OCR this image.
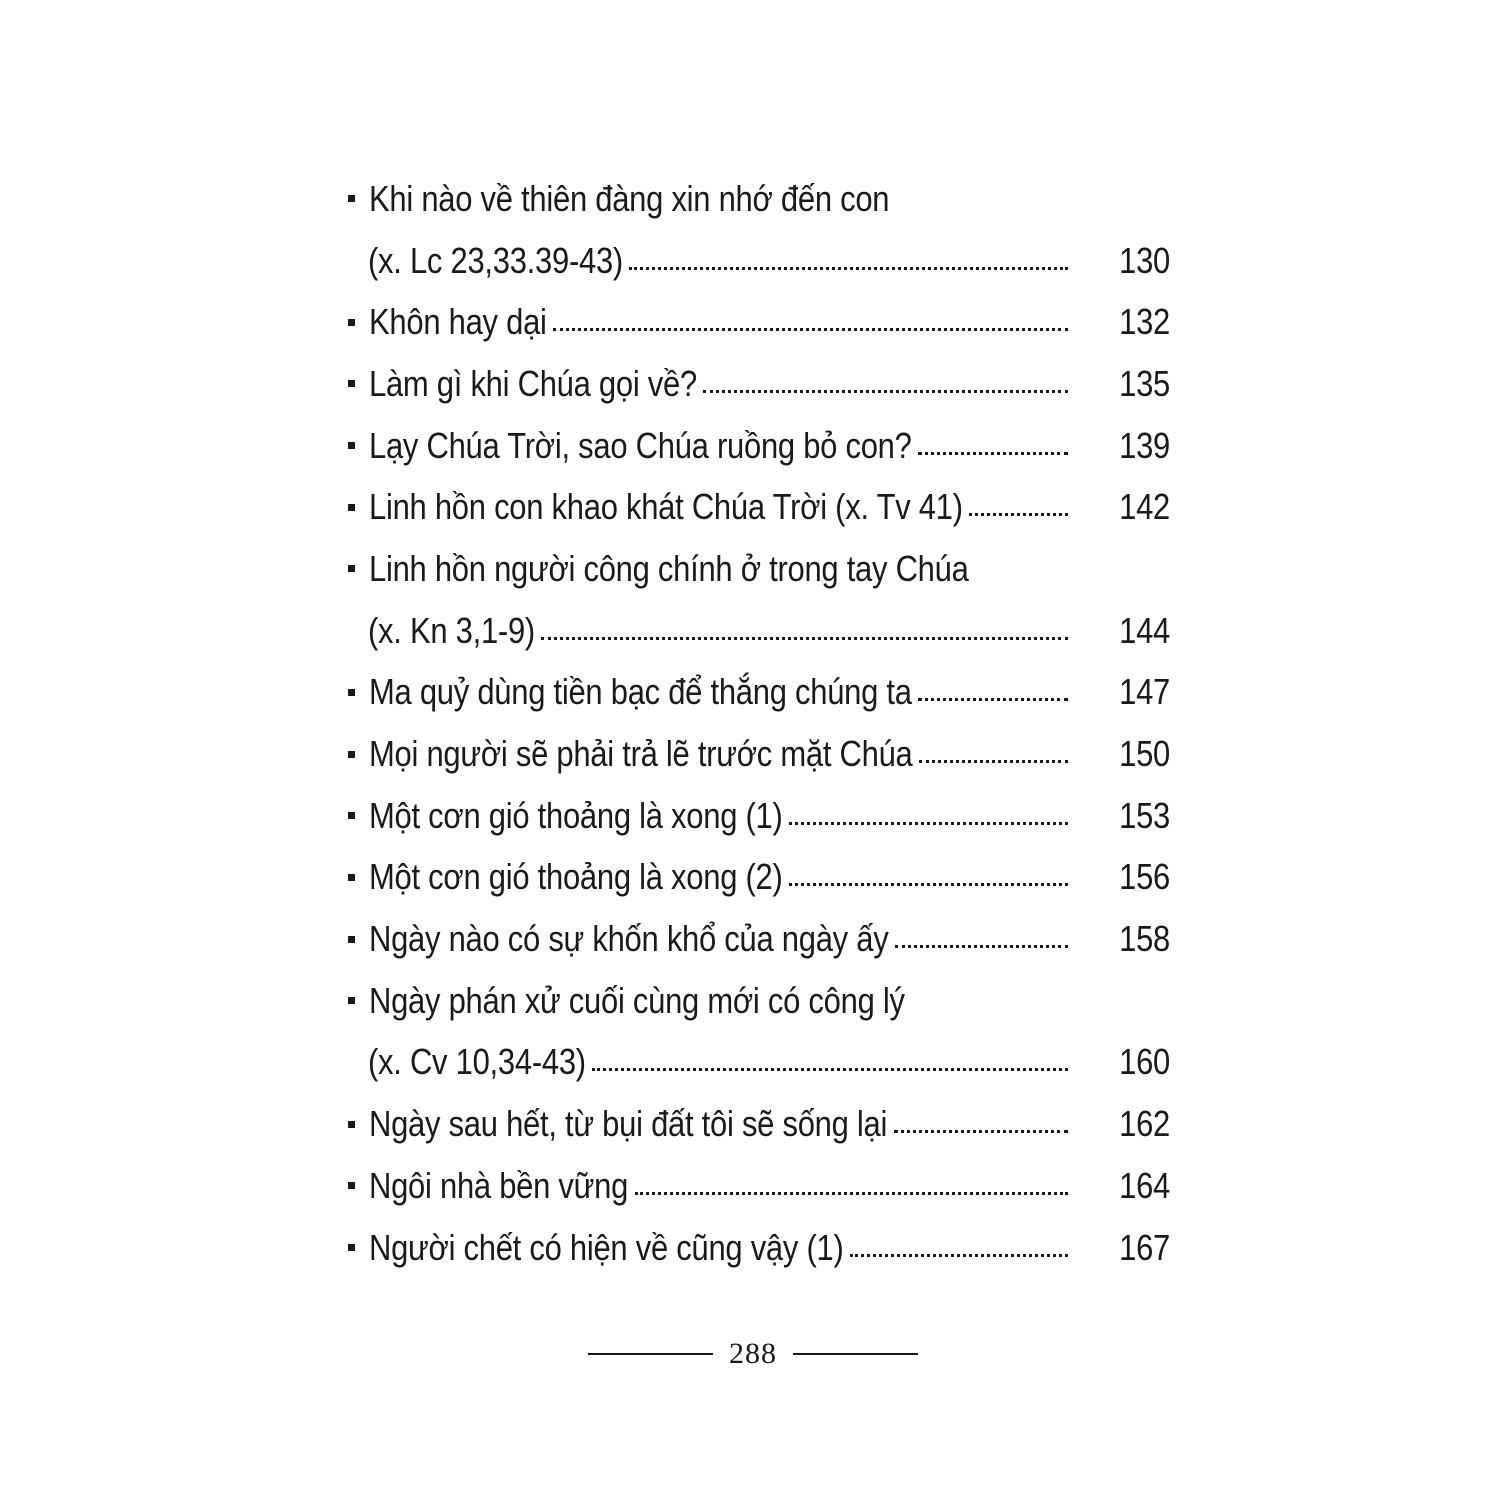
Khi nào về thiên đàng xin nhớ đến con
(x. Lc 23,33.39-43)	130
Khôn hay dại	132
Làm gì khi Chúa gọi về?	135
Lạy Chúa Trời, sao Chúa ruồng bỏ con?	139
Linh hồn con khao khát Chúa Trời (x. Tv 41)	142
Linh hồn người công chính ở trong tay Chúa
(x. Kn 3,1-9)	144
Ma quỷ dùng tiền bạc để thắng chúng ta	147
Mọi người sẽ phải trả lẽ trước mặt Chúa	150
Một cơn gió thoảng là xong (1)	153
Một cơn gió thoảng là xong (2)	156
Ngày nào có sự khốn khổ của ngày ấy	158
Ngày phán xử cuối cùng mới có công lý
(x. Cv 10,34-43)	160
Ngày sau hết, từ bụi đất tôi sẽ sống lại	162
Ngôi nhà bền vững	164
Người chết có hiện về cũng vậy (1)	167
288
